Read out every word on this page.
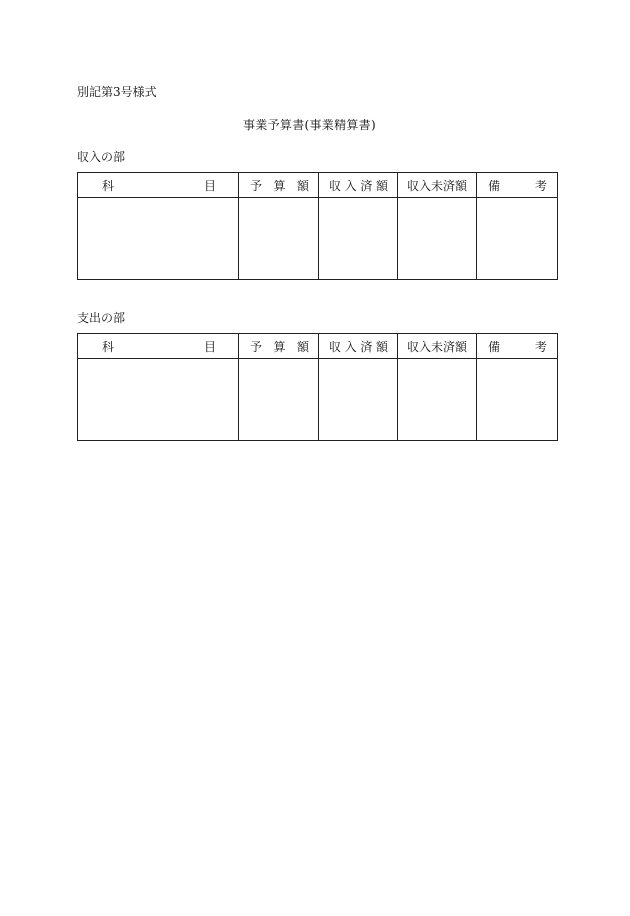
別記第3号様式
事業予算書(事業精算書)
収入の部
科 目	予 算 額	収 入 済 額	収入未済額	備 考

支出の部
科 目	予 算 額	収 入 済 額	収入未済額	備 考
